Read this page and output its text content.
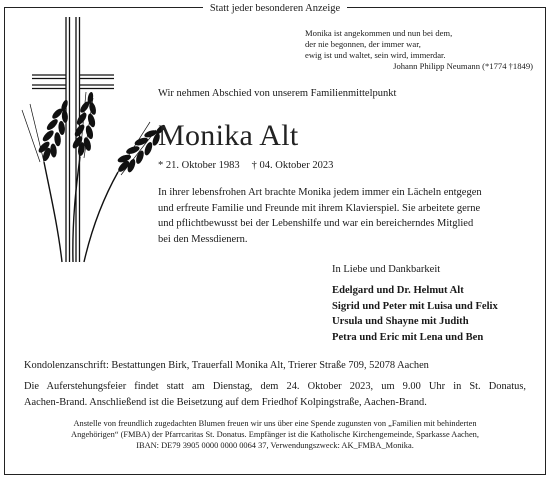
Statt jeder besonderen Anzeige
Monika ist angekommen und nun bei dem,
der nie begonnen, der immer war,
ewig ist und waltet, sein wird, immerdar.
Johann Philipp Neumann (*1774 †1849)
Wir nehmen Abschied von unserem Familienmittelpunkt
Monika Alt
* 21. Oktober 1983 † 04. Oktober 2023
In ihrer lebensfrohen Art brachte Monika jedem immer ein Lächeln entgegen
und erfreute Familie und Freunde mit ihrem Klavierspiel. Sie arbeitete gerne
und pflichtbewusst bei der Lebenshilfe und war ein bereicherndes Mitglied
bei den Messdienern.
In Liebe und Dankbarkeit
Edelgard und Dr. Helmut Alt
Sigrid und Peter mit Luisa und Felix
Ursula und Shayne mit Judith
Petra und Eric mit Lena und Ben
Kondolenzanschrift: Bestattungen Birk, Trauerfall Monika Alt, Trierer Straße 709, 52078 Aachen
Die Auferstehungsfeier findet statt am Dienstag, dem 24. Oktober 2023, um 9.00 Uhr in St. Donatus,
Aachen-Brand. Anschließend ist die Beisetzung auf dem Friedhof Kolpingstraße, Aachen-Brand.
Anstelle von freundlich zugedachten Blumen freuen wir uns über eine Spende zugunsten von „Familien mit behinderten
Angehörigen“ (FMBA) der Pfarrcaritas St. Donatus. Empfänger ist die Katholische Kirchengemeinde, Sparkasse Aachen,
IBAN: DE79 3905 0000 0000 0064 37, Verwendungszweck: AK_FMBA_Monika.
